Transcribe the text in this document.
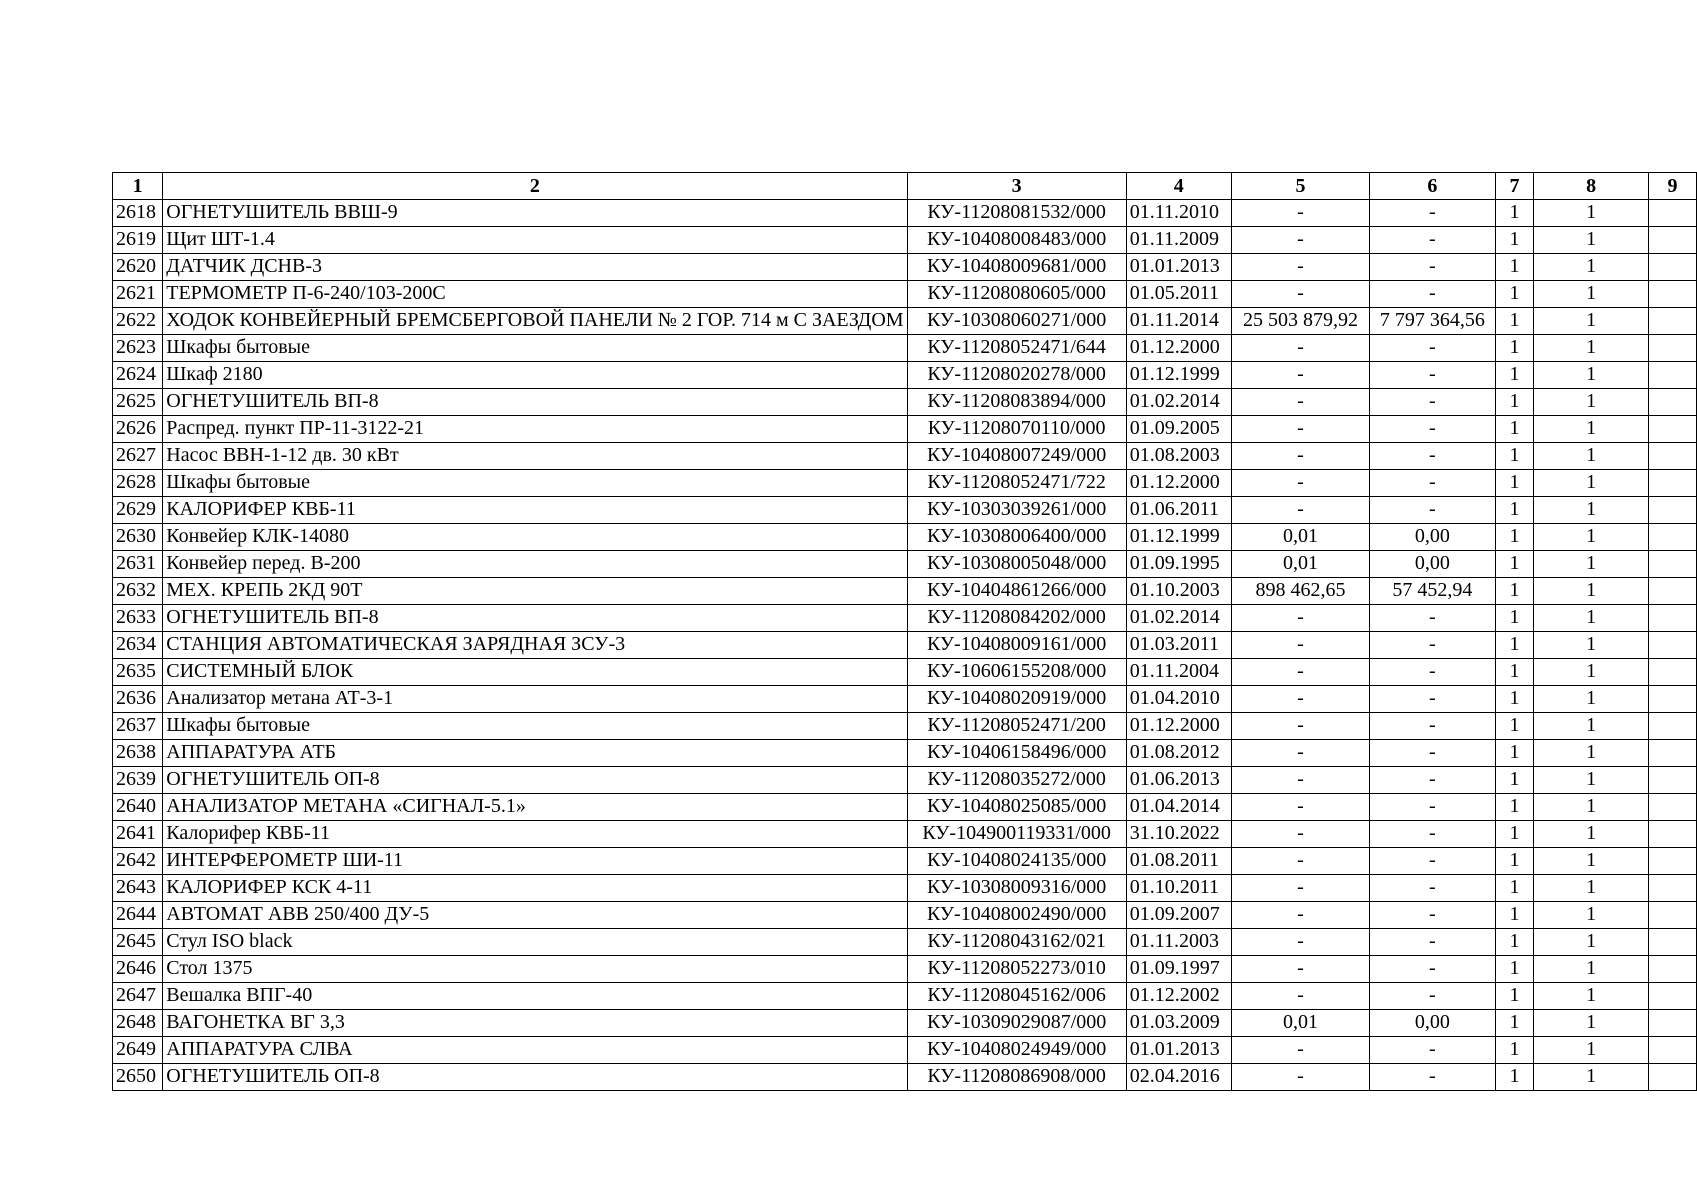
1	2	3	4	5	6	7	8	9
2618	ОГНЕТУШИТЕЛЬ ВВШ-9	КУ-11208081532/000	01.11.2010	-	-	1	1	
2619	Щит ШТ-1.4	КУ-10408008483/000	01.11.2009	-	-	1	1	
2620	ДАТЧИК ДСНВ-3	КУ-10408009681/000	01.01.2013	-	-	1	1	
2621	ТЕРМОМЕТР П-6-240/103-200С	КУ-11208080605/000	01.05.2011	-	-	1	1	
2622	ХОДОК КОНВЕЙЕРНЫЙ БРЕМСБЕРГОВОЙ ПАНЕЛИ № 2 ГОР. 714 м С ЗАЕЗДОМ	КУ-10308060271/000	01.11.2014	25 503 879,92	7 797 364,56	1	1	
2623	Шкафы бытовые	КУ-11208052471/644	01.12.2000	-	-	1	1	
2624	Шкаф 2180	КУ-11208020278/000	01.12.1999	-	-	1	1	
2625	ОГНЕТУШИТЕЛЬ ВП-8	КУ-11208083894/000	01.02.2014	-	-	1	1	
2626	Распред. пункт ПР-11-3122-21	КУ-11208070110/000	01.09.2005	-	-	1	1	
2627	Насос ВВН-1-12 дв. 30 кВт	КУ-10408007249/000	01.08.2003	-	-	1	1	
2628	Шкафы бытовые	КУ-11208052471/722	01.12.2000	-	-	1	1	
2629	КАЛОРИФЕР КВБ-11	КУ-10303039261/000	01.06.2011	-	-	1	1	
2630	Конвейер КЛК-14080	КУ-10308006400/000	01.12.1999	0,01	0,00	1	1	
2631	Конвейер перед. В-200	КУ-10308005048/000	01.09.1995	0,01	0,00	1	1	
2632	МЕХ. КРЕПЬ 2КД 90Т	КУ-10404861266/000	01.10.2003	898 462,65	57 452,94	1	1	
2633	ОГНЕТУШИТЕЛЬ ВП-8	КУ-11208084202/000	01.02.2014	-	-	1	1	
2634	СТАНЦИЯ АВТОМАТИЧЕСКАЯ ЗАРЯДНАЯ ЗСУ-3	КУ-10408009161/000	01.03.2011	-	-	1	1	
2635	СИСТЕМНЫЙ БЛОК	КУ-10606155208/000	01.11.2004	-	-	1	1	
2636	Анализатор метана АТ-3-1	КУ-10408020919/000	01.04.2010	-	-	1	1	
2637	Шкафы бытовые	КУ-11208052471/200	01.12.2000	-	-	1	1	
2638	АППАРАТУРА АТБ	КУ-10406158496/000	01.08.2012	-	-	1	1	
2639	ОГНЕТУШИТЕЛЬ ОП-8	КУ-11208035272/000	01.06.2013	-	-	1	1	
2640	АНАЛИЗАТОР МЕТАНА «СИГНАЛ-5.1»	КУ-10408025085/000	01.04.2014	-	-	1	1	
2641	Калорифер КВБ-11	КУ-104900119331/000	31.10.2022	-	-	1	1	
2642	ИНТЕРФЕРОМЕТР ШИ-11	КУ-10408024135/000	01.08.2011	-	-	1	1	
2643	КАЛОРИФЕР КСК 4-11	КУ-10308009316/000	01.10.2011	-	-	1	1	
2644	АВТОМАТ АВВ 250/400 ДУ-5	КУ-10408002490/000	01.09.2007	-	-	1	1	
2645	Стул ISO black	КУ-11208043162/021	01.11.2003	-	-	1	1	
2646	Стол 1375	КУ-11208052273/010	01.09.1997	-	-	1	1	
2647	Вешалка ВПГ-40	КУ-11208045162/006	01.12.2002	-	-	1	1	
2648	ВАГОНЕТКА ВГ 3,3	КУ-10309029087/000	01.03.2009	0,01	0,00	1	1	
2649	АППАРАТУРА СЛВА	КУ-10408024949/000	01.01.2013	-	-	1	1	
2650	ОГНЕТУШИТЕЛЬ ОП-8	КУ-11208086908/000	02.04.2016	-	-	1	1	
